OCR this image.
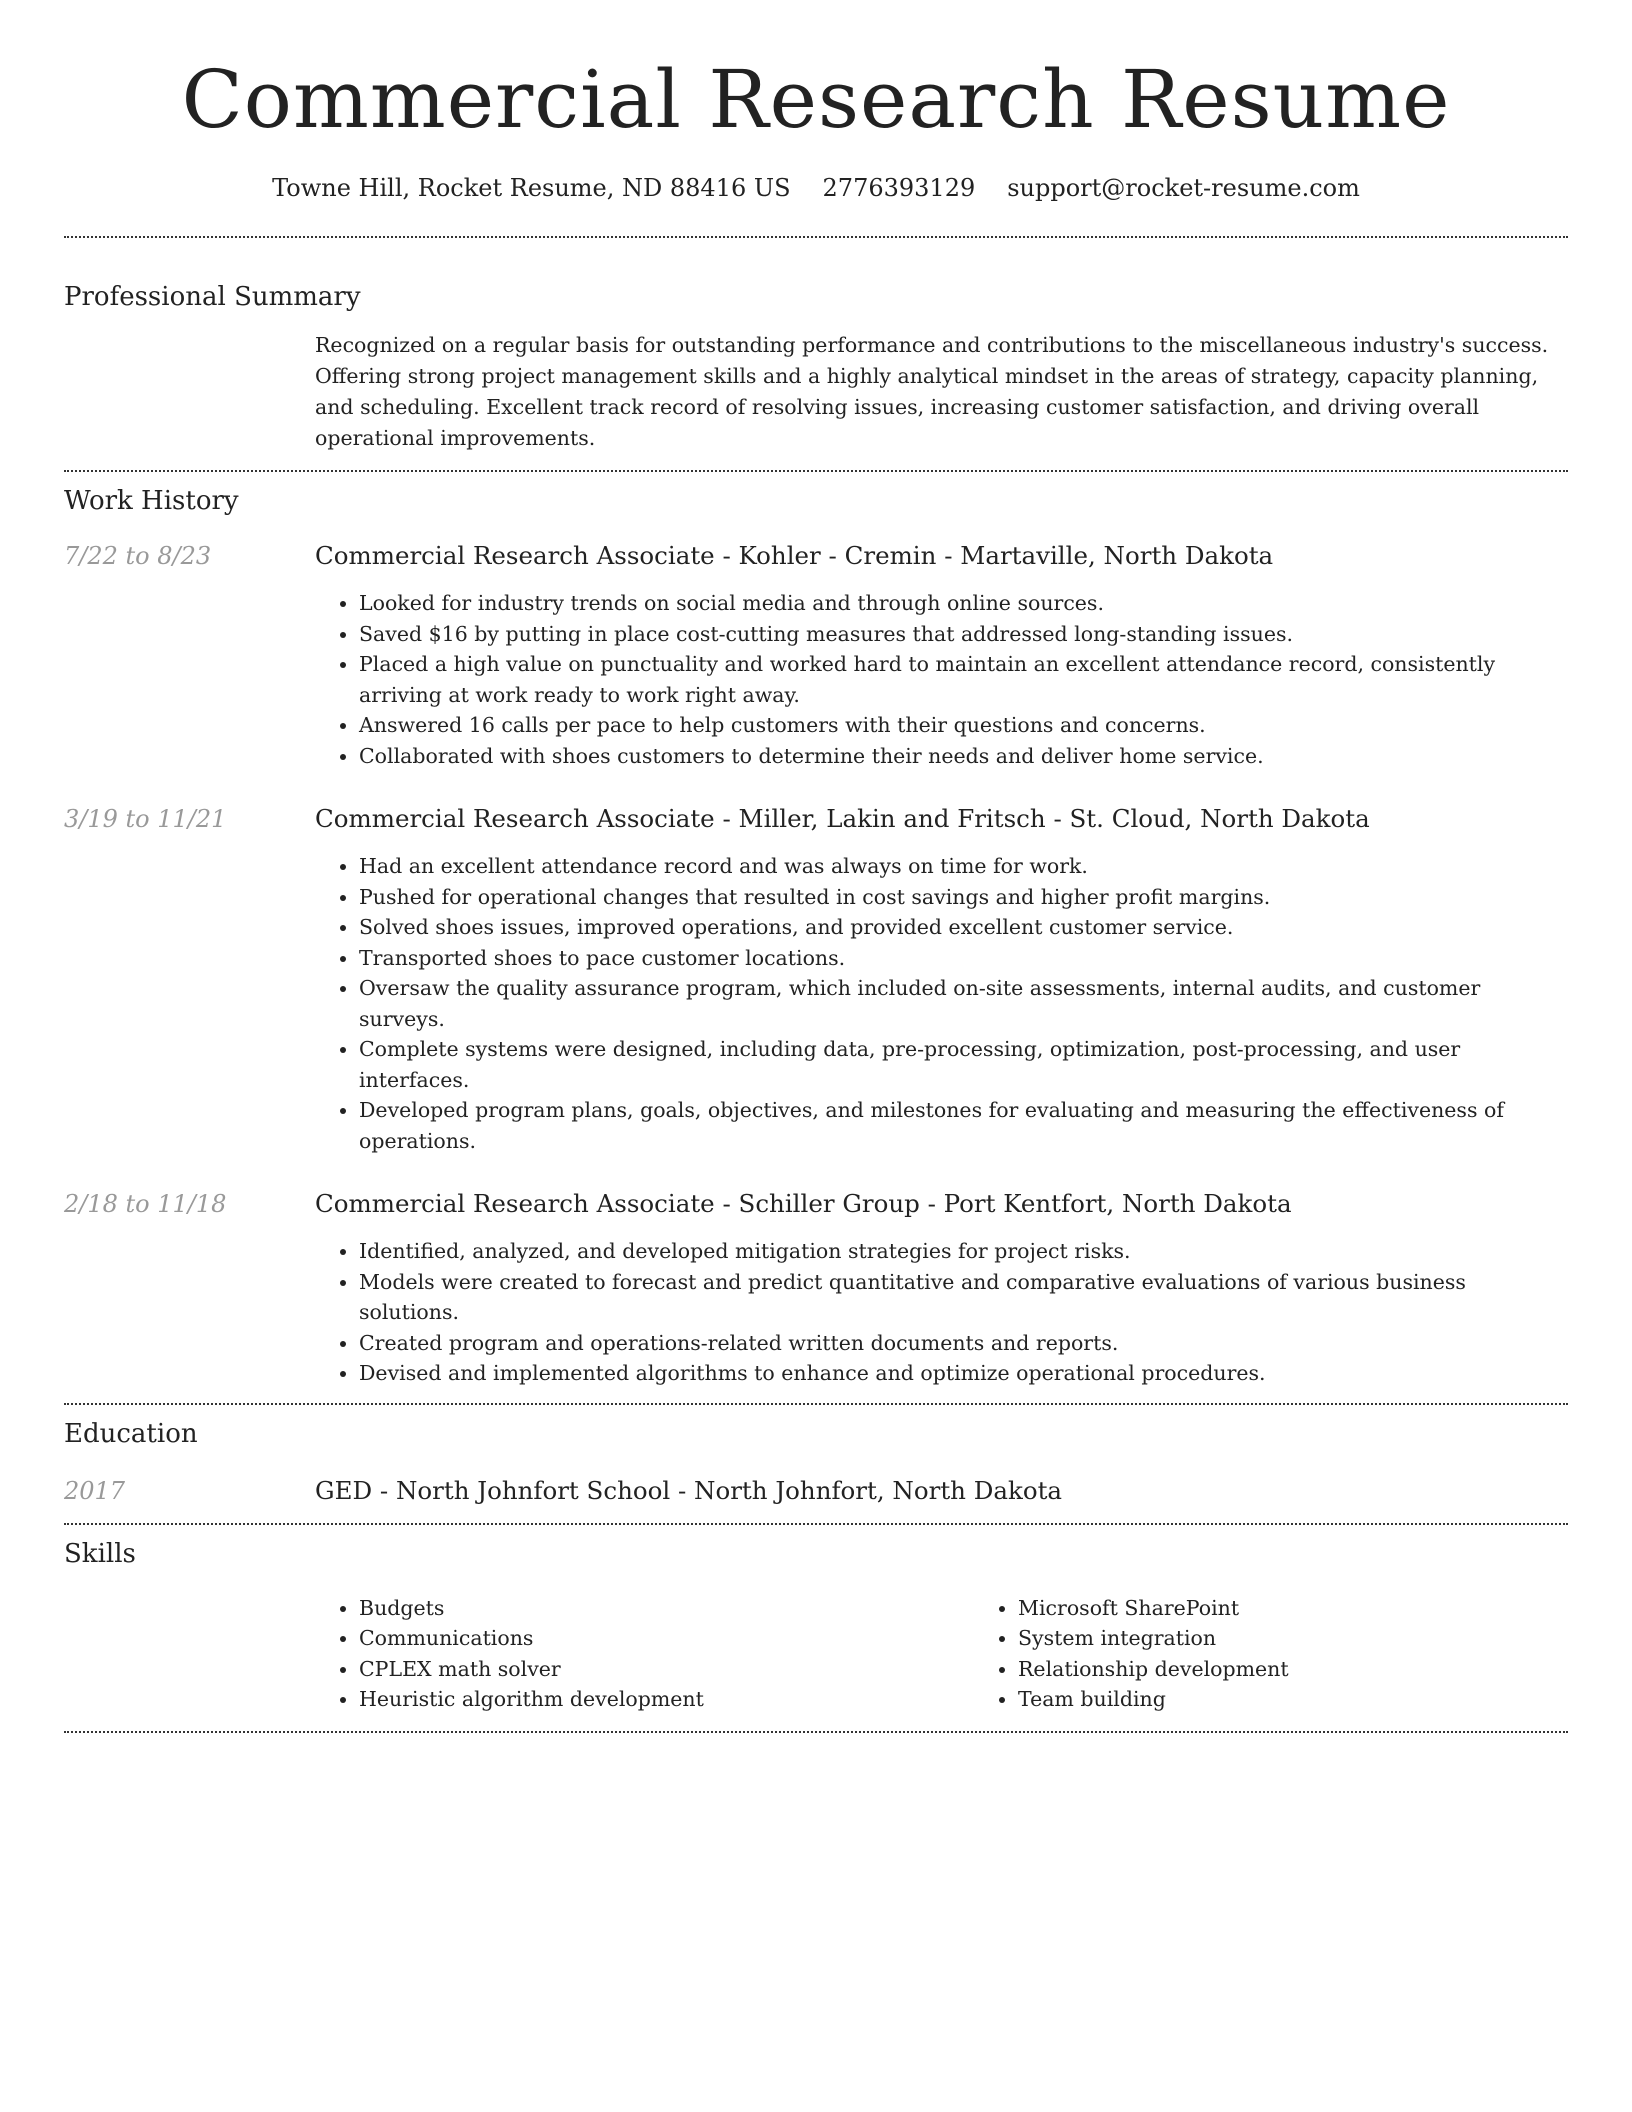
Commercial Research Resume
Towne Hill, Rocket Resume, ND 88416 US 2776393129 support@rocket-resume.com
Professional Summary

Recognized on a regular basis for outstanding performance and contributions to the miscellaneous industry's success. Offering strong project management skills and a highly analytical mindset in the areas of strategy, capacity planning, and scheduling. Excellent track record of resolving issues, increasing customer satisfaction, and driving overall operational improvements.

Work History
7/22 to 8/23	Commercial Research Associate - Kohler - Cremin - Martaville, North Dakota

• Looked for industry trends on social media and through online sources.
• Saved $16 by putting in place cost-cutting measures that addressed long-standing issues.
• Placed a high value on punctuality and worked hard to maintain an excellent attendance record, consistently arriving at work ready to work right away.
• Answered 16 calls per pace to help customers with their questions and concerns.
• Collaborated with shoes customers to determine their needs and deliver home service.
3/19 to 11/21	Commercial Research Associate - Miller, Lakin and Fritsch - St. Cloud, North Dakota

• Had an excellent attendance record and was always on time for work.
• Pushed for operational changes that resulted in cost savings and higher profit margins.
• Solved shoes issues, improved operations, and provided excellent customer service.
• Transported shoes to pace customer locations.
• Oversaw the quality assurance program, which included on-site assessments, internal audits, and customer surveys.
• Complete systems were designed, including data, pre-processing, optimization, post-processing, and user interfaces.
• Developed program plans, goals, objectives, and milestones for evaluating and measuring the effectiveness of operations.
2/18 to 11/18	Commercial Research Associate - Schiller Group - Port Kentfort, North Dakota

• Identified, analyzed, and developed mitigation strategies for project risks.
• Models were created to forecast and predict quantitative and comparative evaluations of various business solutions.
• Created program and operations-related written documents and reports.
• Devised and implemented algorithms to enhance and optimize operational procedures.
Education
2017	GED - North Johnfort School - North Johnfort, North Dakota

Skills
• Budgets
• Communications
• CPLEX math solver
• Heuristic algorithm development
• Microsoft SharePoint
• System integration
• Relationship development
• Team building
